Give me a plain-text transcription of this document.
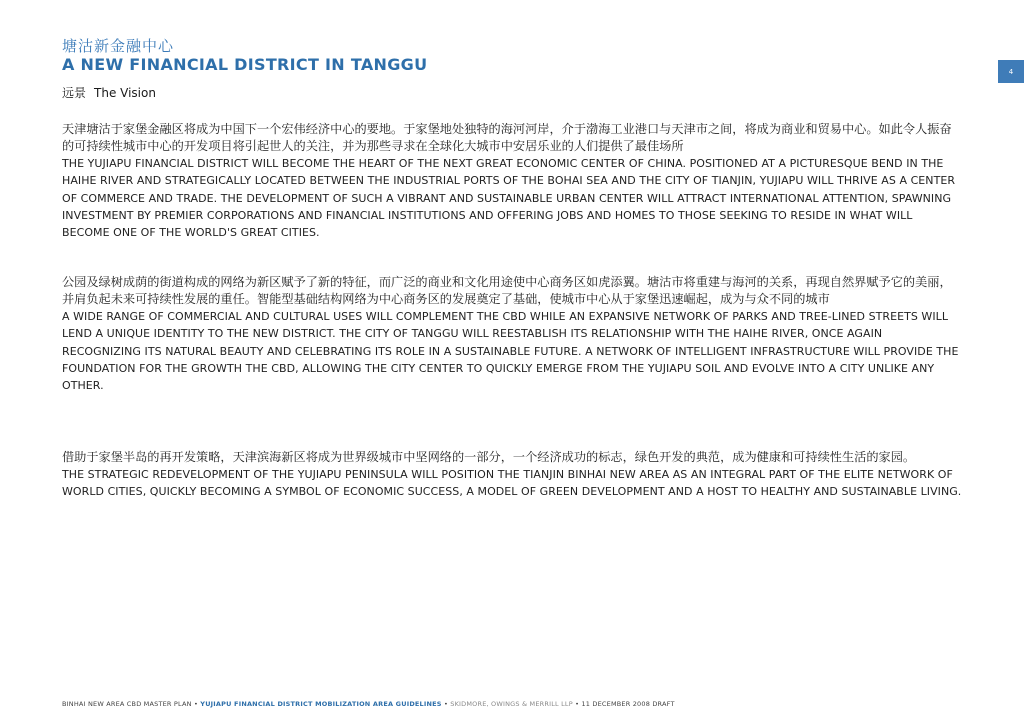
塘沽新金融中心
A NEW FINANCIAL DISTRICT IN TANGGU	4
远景 The Vision
天津塘沽于家堡金融区将成为中国下一个宏伟经济中心的要地。于家堡地处独特的海河河岸，介于渤海工业港口与天津市之间，将成为商业和贸易中心。如此令人振奋的可持续性城市中心的开发项目将引起世人的关注，并为那些寻求在全球化大城市中安居乐业的人们提供了最佳场所
THE YUJIAPU FINANCIAL DISTRICT WILL BECOME THE HEART OF THE NEXT GREAT ECONOMIC CENTER OF CHINA. POSITIONED AT A PICTURESQUE BEND IN THE HAIHE RIVER AND STRATEGICALLY LOCATED BETWEEN THE INDUSTRIAL PORTS OF THE BOHAI SEA AND THE CITY OF TIANJIN, YUJIAPU WILL THRIVE AS A CENTER OF COMMERCE AND TRADE. THE DEVELOPMENT OF SUCH A VIBRANT AND SUSTAINABLE URBAN CENTER WILL ATTRACT INTERNATIONAL ATTENTION, SPAWNING INVESTMENT BY PREMIER CORPORATIONS AND FINANCIAL INSTITUTIONS AND OFFERING JOBS AND HOMES TO THOSE SEEKING TO RESIDE IN WHAT WILL BECOME ONE OF THE WORLD'S GREAT CITIES.
公园及绿树成荫的街道构成的网络为新区赋予了新的特征，而广泛的商业和文化用途使中心商务区如虎添翼。塘沽市将重建与海河的关系，再现自然界赋予它的美丽，并肩负起未来可持续性发展的重任。智能型基础结构网络为中心商务区的发展奠定了基础，使城市中心从于家堡迅速崛起，成为与众不同的城市
A WIDE RANGE OF COMMERCIAL AND CULTURAL USES WILL COMPLEMENT THE CBD WHILE AN EXPANSIVE NETWORK OF PARKS AND TREE-LINED STREETS WILL LEND A UNIQUE IDENTITY TO THE NEW DISTRICT. THE CITY OF TANGGU WILL REESTABLISH ITS RELATIONSHIP WITH THE HAIHE RIVER, ONCE AGAIN RECOGNIZING ITS NATURAL BEAUTY AND CELEBRATING ITS ROLE IN A SUSTAINABLE FUTURE. A NETWORK OF INTELLIGENT INFRASTRUCTURE WILL PROVIDE THE FOUNDATION FOR THE GROWTH THE CBD, ALLOWING THE CITY CENTER TO QUICKLY EMERGE FROM THE YUJIAPU SOIL AND EVOLVE INTO A CITY UNLIKE ANY OTHER.
借助于家堡半岛的再开发策略，天津滨海新区将成为世界级城市中坚网络的一部分，一个经济成功的标志，绿色开发的典范，成为健康和可持续性生活的家园。
THE STRATEGIC REDEVELOPMENT OF THE YUJIAPU PENINSULA WILL POSITION THE TIANJIN BINHAI NEW AREA AS AN INTEGRAL PART OF THE ELITE NETWORK OF WORLD CITIES, QUICKLY BECOMING A SYMBOL OF ECONOMIC SUCCESS, A MODEL OF GREEN DEVELOPMENT AND A HOST TO HEALTHY AND SUSTAINABLE LIVING.
BINHAI NEW AREA CBD MASTER PLAN • YUJIAPU FINANCIAL DISTRICT MOBILIZATION AREA GUIDELINES • SKIDMORE, OWINGS & MERRILL LLP • 11 DECEMBER 2008 DRAFT
